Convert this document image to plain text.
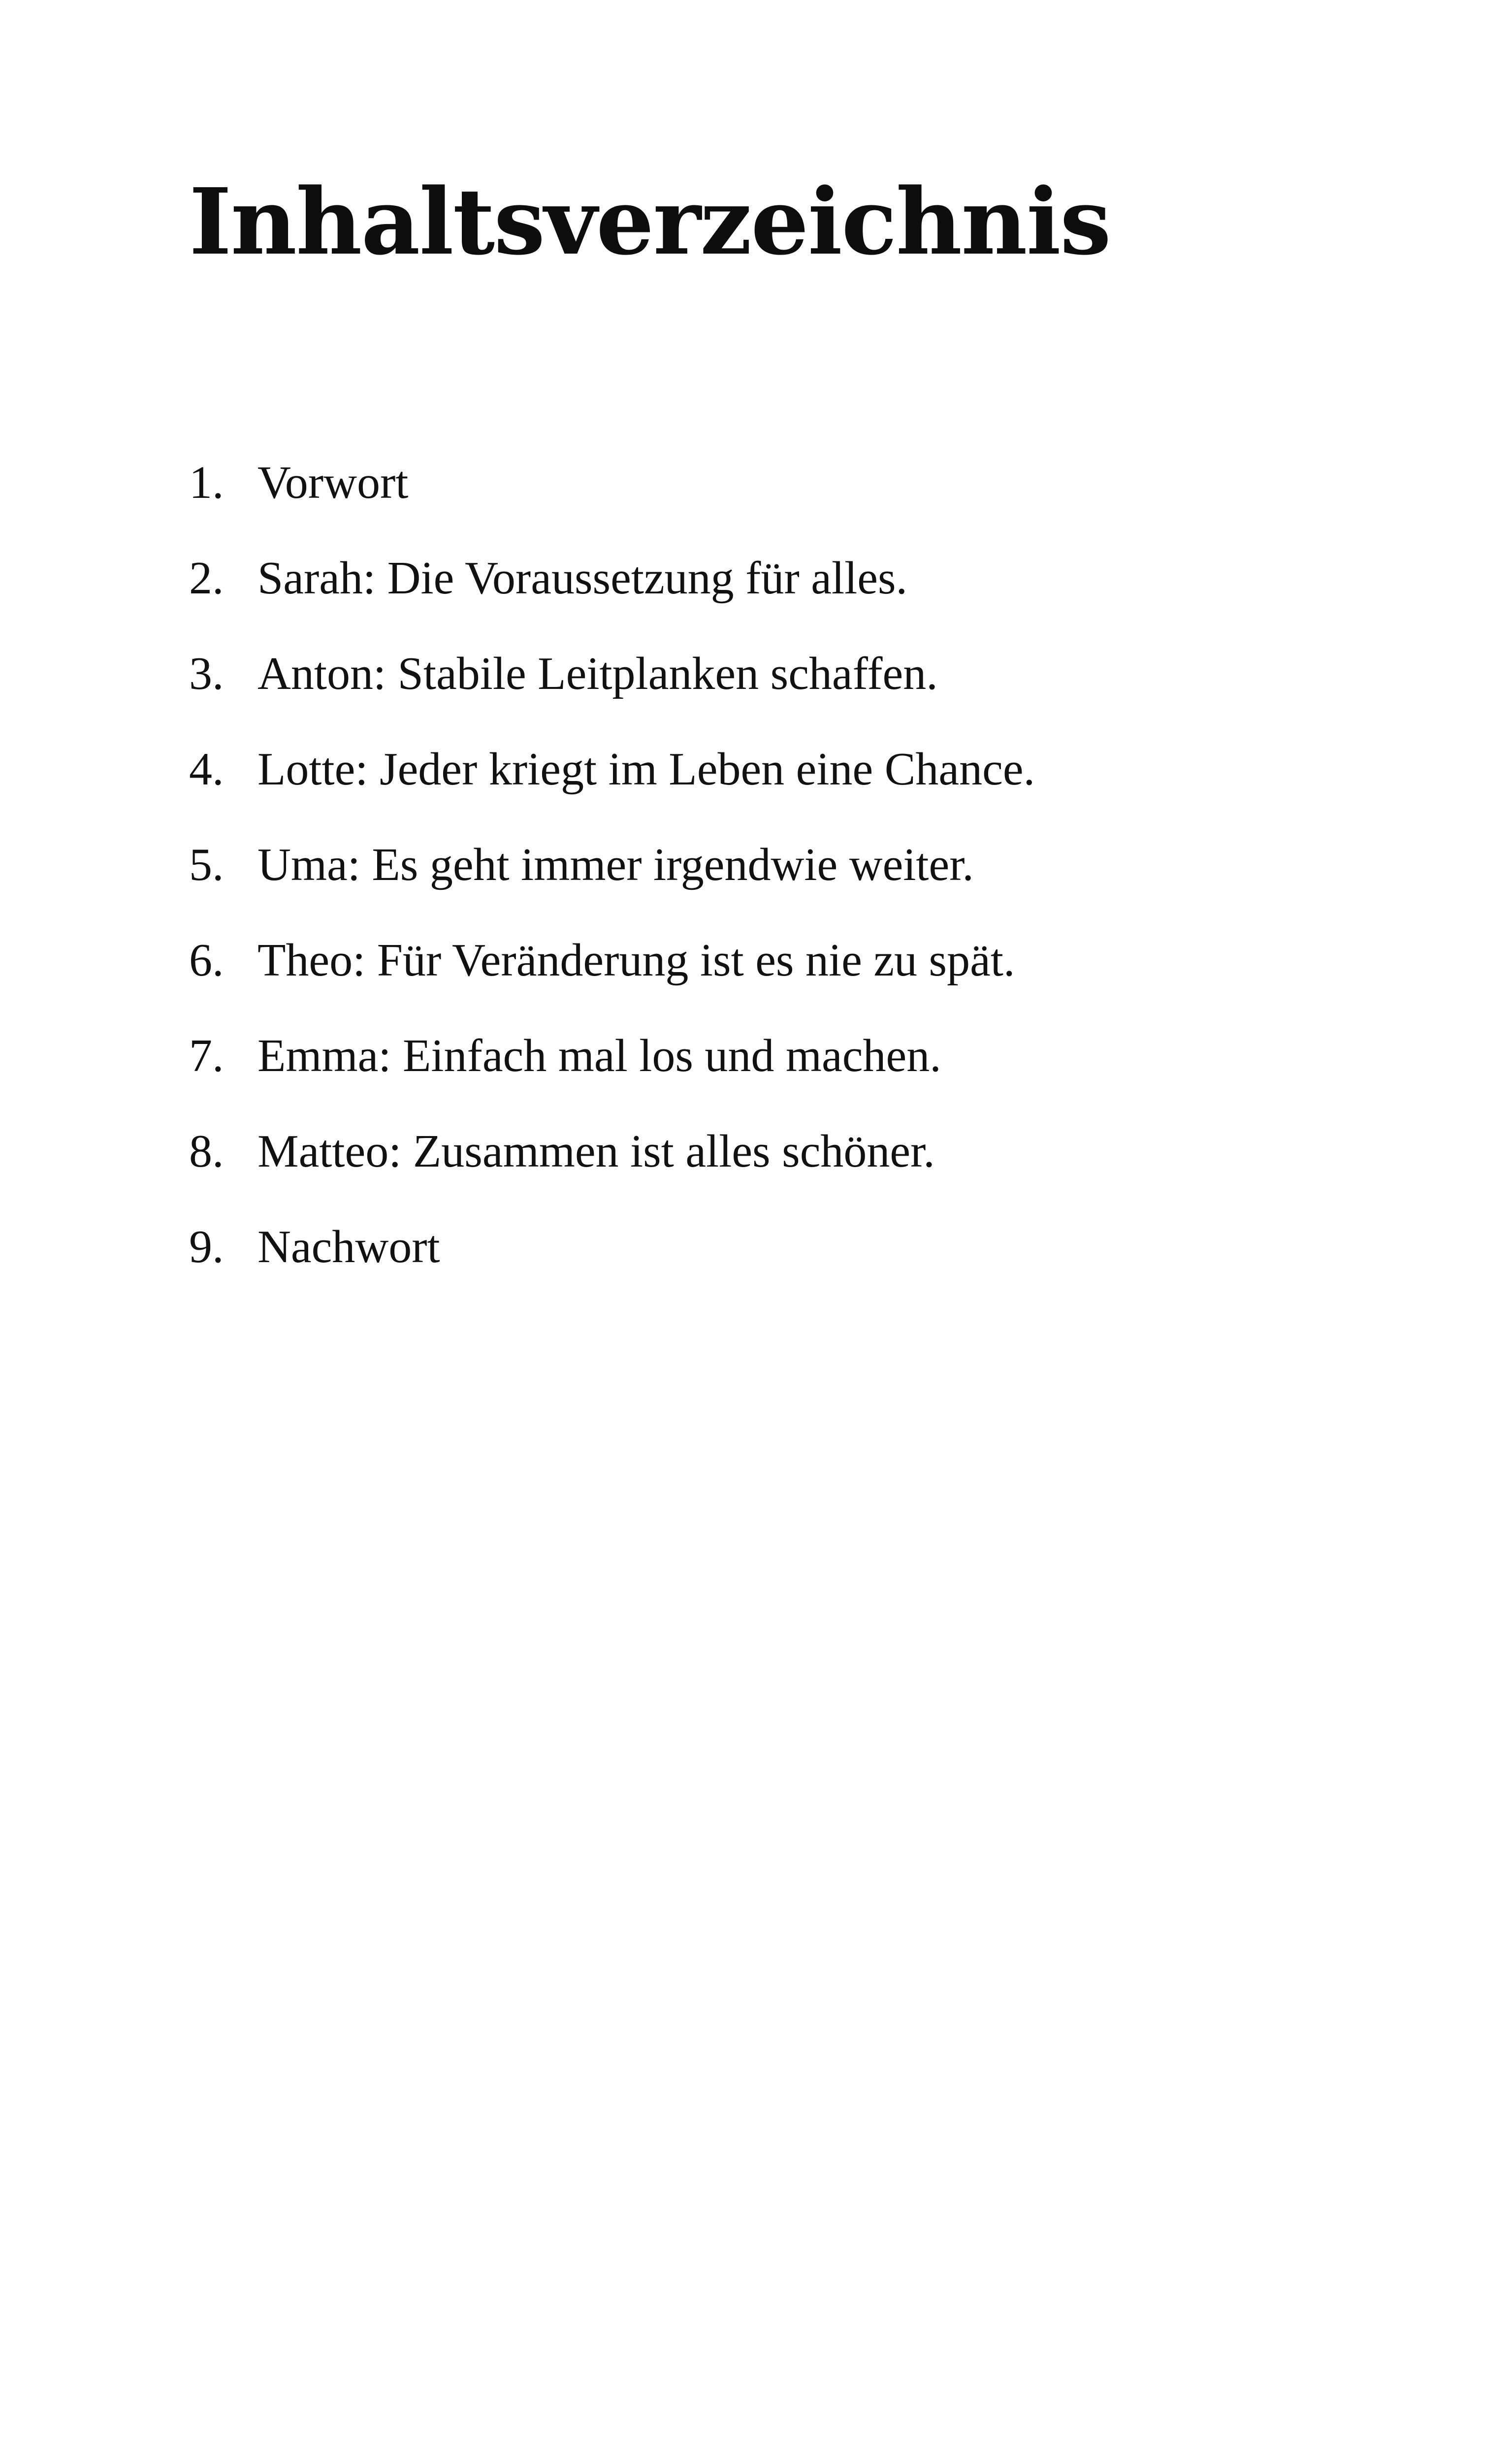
Inhaltsverzeichnis
1. Vorwort
2. Sarah: Die Voraussetzung für alles.
3. Anton: Stabile Leitplanken schaffen.
4. Lotte: Jeder kriegt im Leben eine Chance.
5. Uma: Es geht immer irgendwie weiter.
6. Theo: Für Veränderung ist es nie zu spät.
7. Emma: Einfach mal los und machen.
8. Matteo: Zusammen ist alles schöner.
9. Nachwort
